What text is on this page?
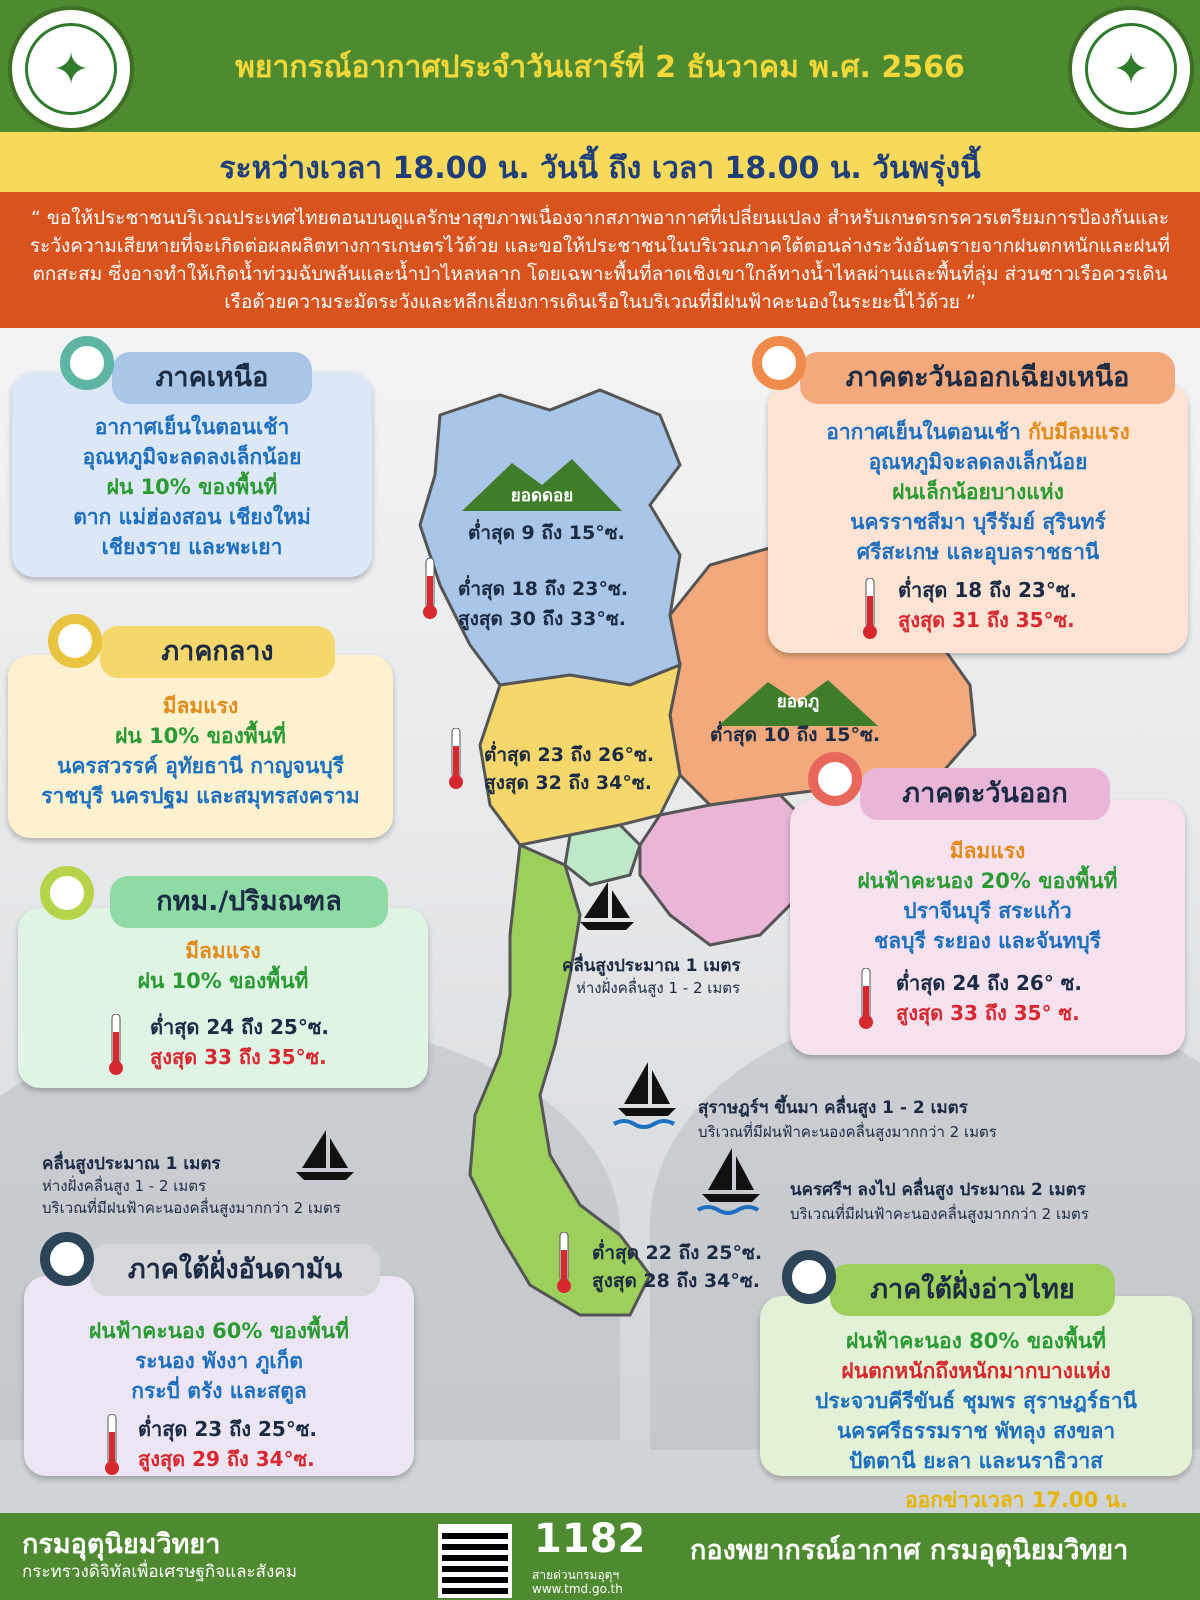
✦	พยากรณ์อากาศประจำวันเสาร์ที่ 2 ธันวาคม พ.ศ. 2566	✦
ระหว่างเวลา 18.00 น. วันนี้ ถึง เวลา 18.00 น. วันพรุ่งนี้
“ ขอให้ประชาชนบริเวณประเทศไทยตอนบนดูแลรักษาสุขภาพเนื่องจากสภาพอากาศที่เปลี่ยนแปลง สำหรับเกษตรกรควรเตรียมการป้องกันและระวังความเสียหายที่จะเกิดต่อผลผลิตทางการเกษตรไว้ด้วย และขอให้ประชาชนในบริเวณภาคใต้ตอนล่างระวังอันตรายจากฝนตกหนักและฝนที่ตกสะสม ซึ่งอาจทำให้เกิดน้ำท่วมฉับพลันและน้ำป่าไหลหลาก โดยเฉพาะพื้นที่ลาดเชิงเขาใกล้ทางน้ำไหลผ่านและพื้นที่ลุ่ม ส่วนชาวเรือควรเดินเรือด้วยความระมัดระวังและหลีกเลี่ยงการเดินเรือในบริเวณที่มีฝนฟ้าคะนองในระยะนี้ไว้ด้วย ”
ยอดดอย
ต่ำสุด 9 ถึง 15°ซ.
ยอดภู
ต่ำสุด 10 ถึง 15°ซ.
ต่ำสุด 18 ถึง 23°ซ.
สูงสุด 30 ถึง 33°ซ.
ต่ำสุด 23 ถึง 26°ซ.
สูงสุด 32 ถึง 34°ซ.
ต่ำสุด 22 ถึง 25°ซ.
สูงสุด 28 ถึง 34°ซ.
อากาศเย็นในตอนเช้า
อุณหภูมิจะลดลงเล็กน้อย
ฝน 10% ของพื้นที่
ตาก แม่ฮ่องสอน เชียงใหม่
เชียงราย และพะเยา
ภาคเหนือ
อากาศเย็นในตอนเช้า กับมีลมแรง
อุณหภูมิจะลดลงเล็กน้อย
ฝนเล็กน้อยบางแห่ง
นครราชสีมา บุรีรัมย์ สุรินทร์
ศรีสะเกษ และอุบลราชธานี
ภาคตะวันออกเฉียงเหนือ
ต่ำสุด 18 ถึง 23°ซ.
สูงสุด 31 ถึง 35°ซ.
มีลมแรง
ฝน 10% ของพื้นที่
นครสวรรค์ อุทัยธานี กาญจนบุรี
ราชบุรี นครปฐม และสมุทรสงคราม
ภาคกลาง
มีลมแรง
ฝนฟ้าคะนอง 20% ของพื้นที่
ปราจีนบุรี สระแก้ว
ชลบุรี ระยอง และจันทบุรี
ภาคตะวันออก
ต่ำสุด 24 ถึง 26° ซ.
สูงสุด 33 ถึง 35° ซ.
มีลมแรง
ฝน 10% ของพื้นที่
กทม./ปริมณฑล
ต่ำสุด 24 ถึง 25°ซ.
สูงสุด 33 ถึง 35°ซ.
คลื่นสูงประมาณ 1 เมตร
ห่างฝั่งคลื่นสูง 1 - 2 เมตร
คลื่นสูงประมาณ 1 เมตร
ห่างฝั่งคลื่นสูง 1 - 2 เมตร
บริเวณที่มีฝนฟ้าคะนองคลื่นสูงมากกว่า 2 เมตร
สุราษฎร์ฯ ขึ้นมา คลื่นสูง 1 - 2 เมตร
บริเวณที่มีฝนฟ้าคะนองคลื่นสูงมากกว่า 2 เมตร
นครศรีฯ ลงไป คลื่นสูง ประมาณ 2 เมตร
บริเวณที่มีฝนฟ้าคะนองคลื่นสูงมากกว่า 2 เมตร
ฝนฟ้าคะนอง 60% ของพื้นที่
ระนอง พังงา ภูเก็ต
กระบี่ ตรัง และสตูล
ภาคใต้ฝั่งอันดามัน
ต่ำสุด 23 ถึง 25°ซ.
สูงสุด 29 ถึง 34°ซ.
ฝนฟ้าคะนอง 80% ของพื้นที่
ฝนตกหนักถึงหนักมากบางแห่ง
ประจวบคีรีขันธ์ ชุมพร สุราษฎร์ธานี
นครศรีธรรมราช พัทลุง สงขลา
ปัตตานี ยะลา และนราธิวาส
ภาคใต้ฝั่งอ่าวไทย
ออกข่าวเวลา 17.00 น.
กรมอุตุนิยมวิทยา
กระทรวงดิจิทัลเพื่อเศรษฐกิจและสังคม
1182
สายด่วนกรมอุตุฯ
www.tmd.go.th
กองพยากรณ์อากาศ กรมอุตุนิยมวิทยา
